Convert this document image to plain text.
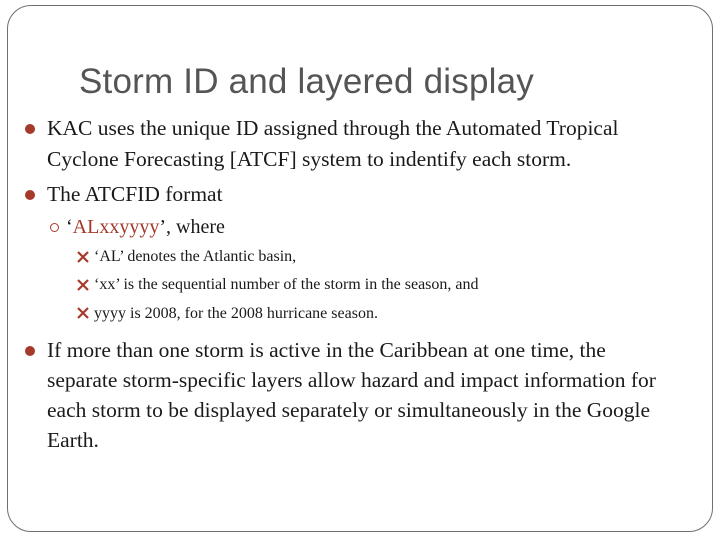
Storm ID and layered display
KAC uses the unique ID assigned through the Automated Tropical
Cyclone Forecasting [ATCF] system to indentify each storm.
The ATCFID format
‘ALxxyyyy’, where
‘AL’ denotes the Atlantic basin,
‘xx’ is the sequential number of the storm in the season, and
yyyy is 2008, for the 2008 hurricane season.
If more than one storm is active in the Caribbean at one time, the
separate storm-specific layers allow hazard and impact information for
each storm to be displayed separately or simultaneously in the Google
Earth.
